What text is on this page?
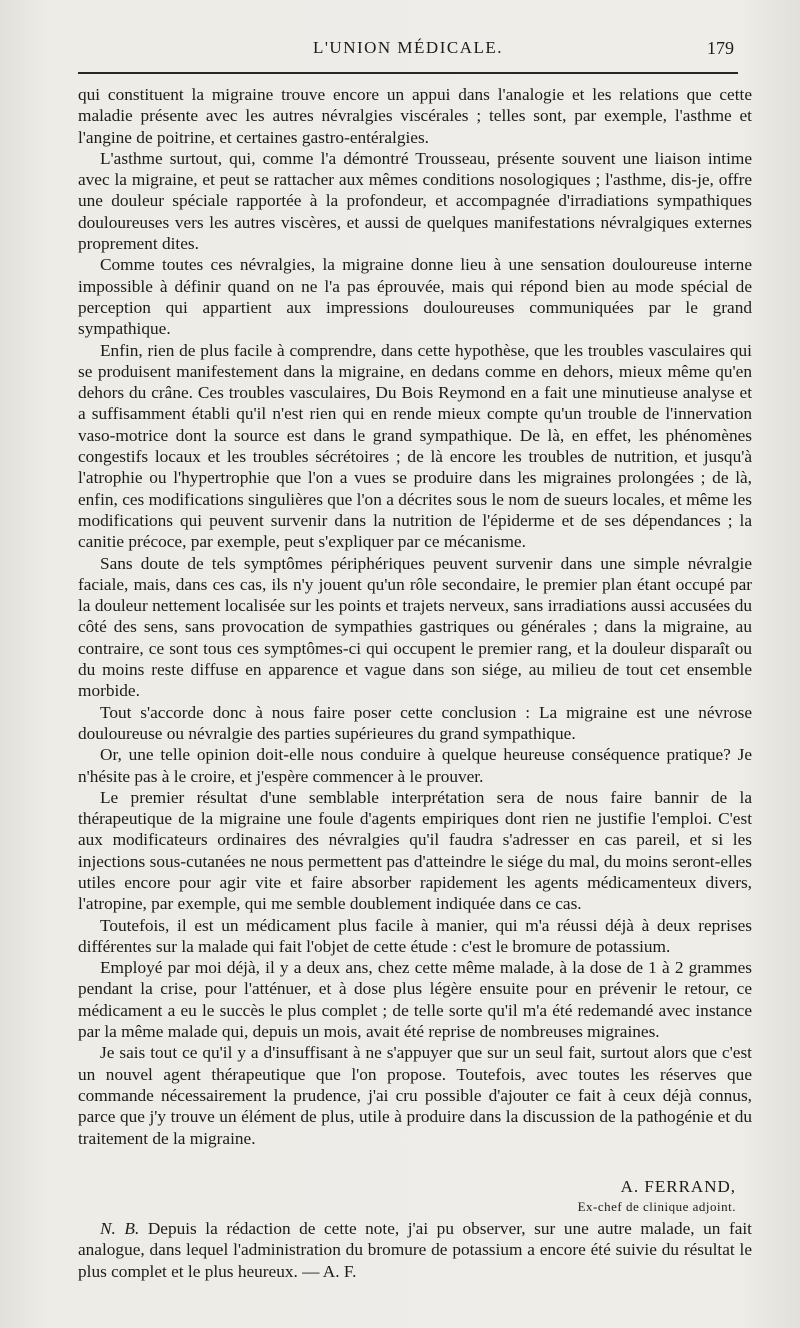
L'UNION MÉDICALE.	179

qui constituent la migraine trouve encore un appui dans l'analogie et les relations que cette maladie présente avec les autres névralgies viscérales ; telles sont, par exemple, l'asthme et l'angine de poitrine, et certaines gastro-entéralgies.

L'asthme surtout, qui, comme l'a démontré Trousseau, présente souvent une liaison intime avec la migraine, et peut se rattacher aux mêmes conditions nosologiques ; l'asthme, dis-je, offre une douleur spéciale rapportée à la profondeur, et accompagnée d'irradiations sympathiques douloureuses vers les autres viscères, et aussi de quelques manifestations névralgiques externes proprement dites.

Comme toutes ces névralgies, la migraine donne lieu à une sensation douloureuse interne impossible à définir quand on ne l'a pas éprouvée, mais qui répond bien au mode spécial de perception qui appartient aux impressions douloureuses communiquées par le grand sympathique.

Enfin, rien de plus facile à comprendre, dans cette hypothèse, que les troubles vasculaires qui se produisent manifestement dans la migraine, en dedans comme en dehors, mieux même qu'en dehors du crâne. Ces troubles vasculaires, Du Bois Reymond en a fait une minutieuse analyse et a suffisamment établi qu'il n'est rien qui en rende mieux compte qu'un trouble de l'innervation vaso-motrice dont la source est dans le grand sympathique. De là, en effet, les phénomènes congestifs locaux et les troubles sécrétoires ; de là encore les troubles de nutrition, et jusqu'à l'atrophie ou l'hypertrophie que l'on a vues se produire dans les migraines prolongées ; de là, enfin, ces modifications singulières que l'on a décrites sous le nom de sueurs locales, et même les modifications qui peuvent survenir dans la nutrition de l'épiderme et de ses dépendances ; la canitie précoce, par exemple, peut s'expliquer par ce mécanisme.

Sans doute de tels symptômes périphériques peuvent survenir dans une simple névralgie faciale, mais, dans ces cas, ils n'y jouent qu'un rôle secondaire, le premier plan étant occupé par la douleur nettement localisée sur les points et trajets nerveux, sans irradiations aussi accusées du côté des sens, sans provocation de sympathies gastriques ou générales ; dans la migraine, au contraire, ce sont tous ces symptômes-ci qui occupent le premier rang, et la douleur disparaît ou du moins reste diffuse en apparence et vague dans son siége, au milieu de tout cet ensemble morbide.

Tout s'accorde donc à nous faire poser cette conclusion : La migraine est une névrose douloureuse ou névralgie des parties supérieures du grand sympathique.

Or, une telle opinion doit-elle nous conduire à quelque heureuse conséquence pratique? Je n'hésite pas à le croire, et j'espère commencer à le prouver.

Le premier résultat d'une semblable interprétation sera de nous faire bannir de la thérapeutique de la migraine une foule d'agents empiriques dont rien ne justifie l'emploi. C'est aux modificateurs ordinaires des névralgies qu'il faudra s'adresser en cas pareil, et si les injections sous-cutanées ne nous permettent pas d'atteindre le siége du mal, du moins seront-elles utiles encore pour agir vite et faire absorber rapidement les agents médicamenteux divers, l'atropine, par exemple, qui me semble doublement indiquée dans ce cas.

Toutefois, il est un médicament plus facile à manier, qui m'a réussi déjà à deux reprises différentes sur la malade qui fait l'objet de cette étude : c'est le bromure de potassium.

Employé par moi déjà, il y a deux ans, chez cette même malade, à la dose de 1 à 2 grammes pendant la crise, pour l'atténuer, et à dose plus légère ensuite pour en prévenir le retour, ce médicament a eu le succès le plus complet ; de telle sorte qu'il m'a été redemandé avec instance par la même malade qui, depuis un mois, avait été reprise de nombreuses migraines.

Je sais tout ce qu'il y a d'insuffisant à ne s'appuyer que sur un seul fait, surtout alors que c'est un nouvel agent thérapeutique que l'on propose. Toutefois, avec toutes les réserves que commande nécessairement la prudence, j'ai cru possible d'ajouter ce fait à ceux déjà connus, parce que j'y trouve un élément de plus, utile à produire dans la discussion de la pathogénie et du traitement de la migraine.

A. FERRAND,
Ex-chef de clinique adjoint.

N. B. Depuis la rédaction de cette note, j'ai pu observer, sur une autre malade, un fait analogue, dans lequel l'administration du bromure de potassium a encore été suivie du résultat le plus complet et le plus heureux. — A. F.
